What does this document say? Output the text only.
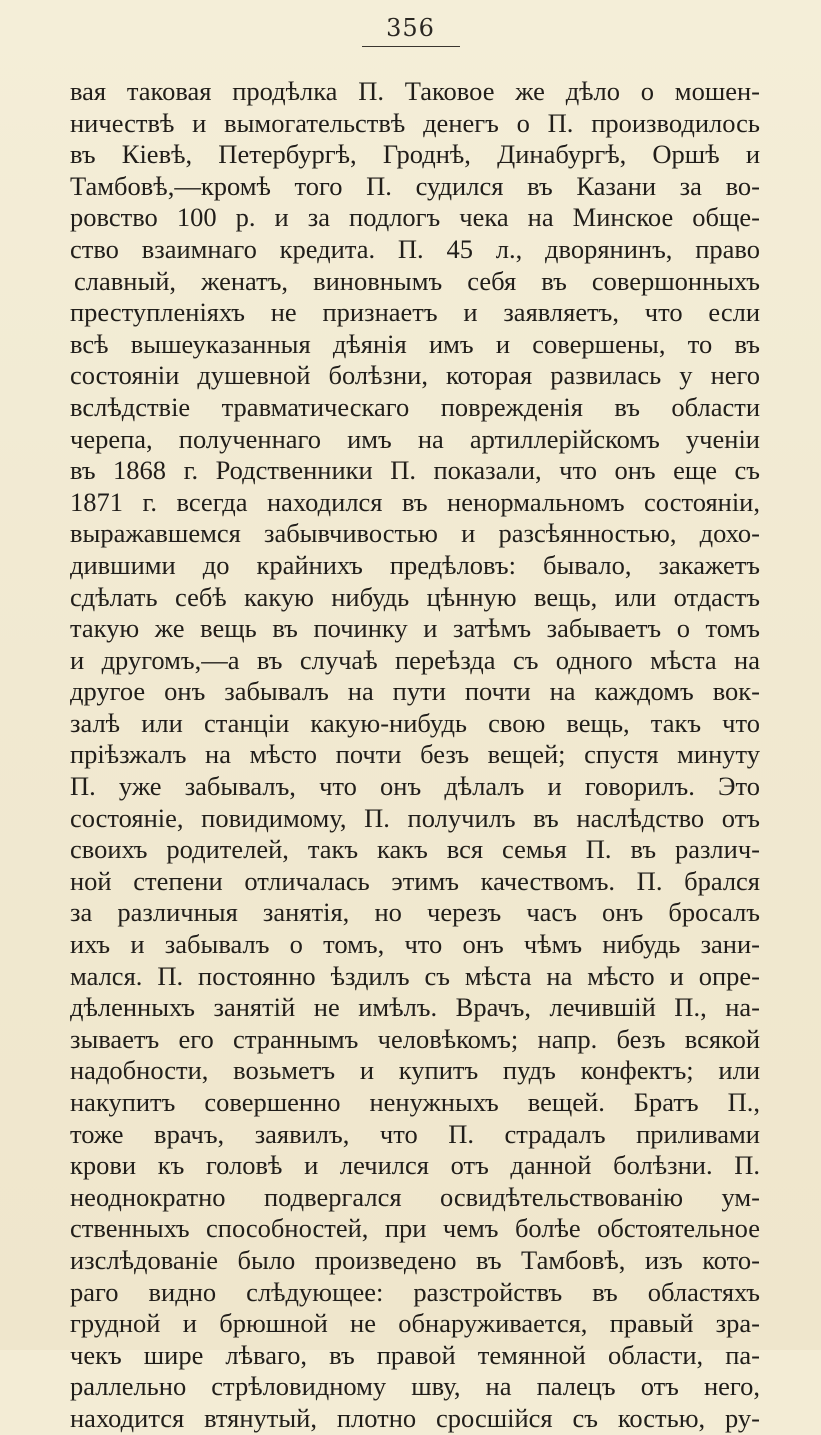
356
вая таковая продѣлка П. Таковое же дѣло о мошен-
ничествѣ и вымогательствѣ денегъ о П. производилось
въ Кіевѣ, Петербургѣ, Гроднѣ, Динабургѣ, Оршѣ и
Тамбовѣ,—кромѣ того П. судился въ Казани за во-
ровство 100 р. и за подлогъ чека на Минское обще-
ство взаимнаго кредита. П. 45 л., дворянинъ, право
славный, женатъ, виновнымъ себя въ совершонныхъ
преступленіяхъ не признаетъ и заявляетъ, что если
всѣ вышеуказанныя дѣянія имъ и совершены, то въ
состояніи душевной болѣзни, которая развилась у него
вслѣдствіе травматическаго поврежденія въ области
черепа, полученнаго имъ на артиллерійскомъ ученіи
въ 1868 г. Родственники П. показали, что онъ еще съ
1871 г. всегда находился въ ненормальномъ состояніи,
выражавшемся забывчивостью и разсѣянностью, дохо-
дившими до крайнихъ предѣловъ: бывало, закажетъ
сдѣлать себѣ какую нибудь цѣнную вещь, или отдастъ
такую же вещь въ починку и затѣмъ забываетъ о томъ
и другомъ,—а въ случаѣ переѣзда съ одного мѣста на
другое онъ забывалъ на пути почти на каждомъ вок-
залѣ или станціи какую-нибудь свою вещь, такъ что
пріѣзжалъ на мѣсто почти безъ вещей; спустя минуту
П. уже забывалъ, что онъ дѣлалъ и говорилъ. Это
состояніе, повидимому, П. получилъ въ наслѣдство отъ
своихъ родителей, такъ какъ вся семья П. въ различ-
ной степени отличалась этимъ качествомъ. П. брался
за различныя занятія, но черезъ часъ онъ бросалъ
ихъ и забывалъ о томъ, что онъ чѣмъ нибудь зани-
мался. П. постоянно ѣздилъ съ мѣста на мѣсто и опре-
дѣленныхъ занятій не имѣлъ. Врачъ, лечившій П., на-
зываетъ его страннымъ человѣкомъ; напр. безъ всякой
надобности, возьметъ и купитъ пудъ конфектъ; или
накупитъ совершенно ненужныхъ вещей. Братъ П.,
тоже врачъ, заявилъ, что П. страдалъ приливами
крови къ головѣ и лечился отъ данной болѣзни. П.
неоднократно подвергался освидѣтельствованію ум-
ственныхъ способностей, при чемъ болѣе обстоятельное
изслѣдованіе было произведено въ Тамбовѣ, изъ кото-
раго видно слѣдующее: разстройствъ въ областяхъ
грудной и брюшной не обнаруживается, правый зра-
чекъ шире лѣваго, въ правой темянной области, па-
раллельно стрѣловидному шву, на палецъ отъ него,
находится втянутый, плотно сросшійся съ костью, ру-
